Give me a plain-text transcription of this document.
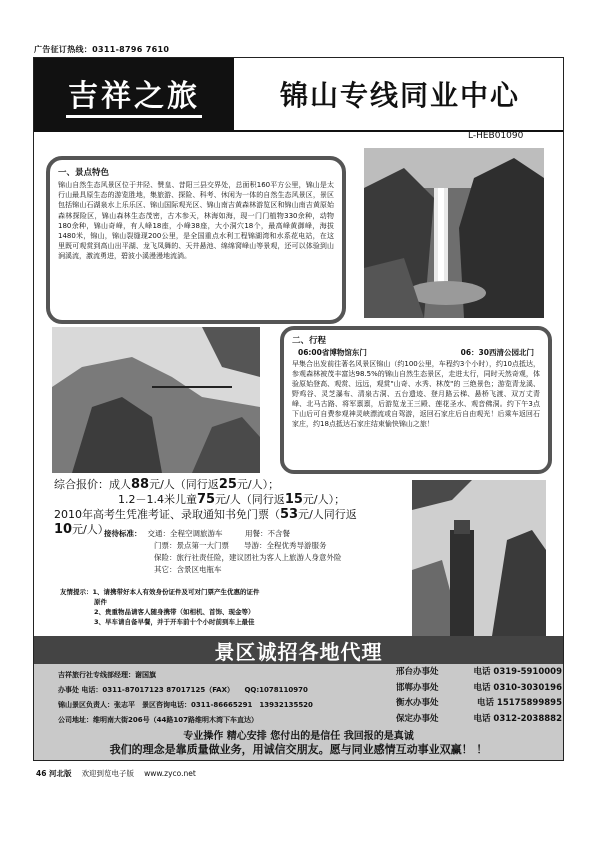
广告征订热线：0311-8796 7610
吉祥之旅	锦山专线同业中心
L-HEB01090
一、景点特色
锦山自然生态风景区位于井陉、赞皇、昔阳三县交界处，总面积160平方公里，锦山是太行山最具原生态的游览胜地，集旅游、探险、科考、休闲为一体的自然生态风景区，景区包括锦山石湖泉水上乐乐区、锦山国际观光区、锦山南吉黄森林游览区和锦山南吉黄原始森林探险区，锦山森林生态茂密，古木参天，林海如海，现一门门植物330余种，动物180余种，锦山奇峰，有人峰18座，小峰38座，大小洞穴18个，最高峰黄御峰，海拔1480米，锦山，锦山裂缝现200公里，是全国重点水利工程锦湖湾和水系花电站，在这里既可观赏到高山出平湖、龙飞凤舞的、天井悬池、绵绵窝峰山等景观，还可以体验到山涧溪流，激流勇进，碧波小溪漫漫地流淌。
二、行程
06:00省博物馆东门	06：30西清公园北门
早集合出发前往著名风景区锦山（约100公里，车程约3个小时），约10点抵达，参观森林被茂丰富达98.5%的锦山自然生态景区，走进太行，同时天然奇观，体验原始登高、观赏、远远，观赏"山奇、水秀、林茂"的 三绝景色；游览青龙溪、野鸡谷、灵芝瀑布、清泉古洞、五台遗迹、登月路云梯、悬桥飞渡、双万丈青峰、北马古路、将军禀禀，后游览龙王三殿、莲花圣水、观音佛洞。约下午3点下山后可自费参观神灵峡漂流或自驾游，返回石家庄后自由观光！后乘车返回石家庄，约18点抵达石家庄结束愉快锦山之旅！
综合报价：成人88元/人（同行返25元/人）；
1.2－1.4米儿童75元/人（同行返15元/人）；
2010年高考生凭准考证、录取通知书免门票（53元/人同行返
10元/人）
接待标准： 交通：全程空调旅游车　　　用餐：不含餐
门票：景点第一大门票　　导游：全程优秀导游服务
保险：旅行社责任险，建议团社为客人上旅游人身意外险
其它：含景区电瓶车
友情提示：1、请携带好本人有效身份证件及可对门票产生优惠的证件
原件
2、贵重物品请客人随身携带（如相机、首饰、现金等）
3、早车请自备早餐，并于开车前十个小时前到车上最佳
景区诚招各地代理
吉祥旅行社专线部经理：谢国旗
办事处 电话：0311-87017123 87017125（FAX）　　QQ:1078110970
锦山景区负责人：张志平　景区咨询电话：0311-86665291　13932135520
公司地址：维明南大街206号（44路107路维明木湾下车直达）
邢台办事处	电话 0319-5910009
邯郸办事处	电话 0310-3030196
衡水办事处	电话 15175899895
保定办事处	电话 0312-2038882
专业操作 精心安排 您付出的是信任 我回报的是真诚
我们的理念是靠质量做业务，用诚信交朋友。愿与同业感情互动事业双赢！ ！
46 河北版 欢迎到览电子版 www.zyco.net
